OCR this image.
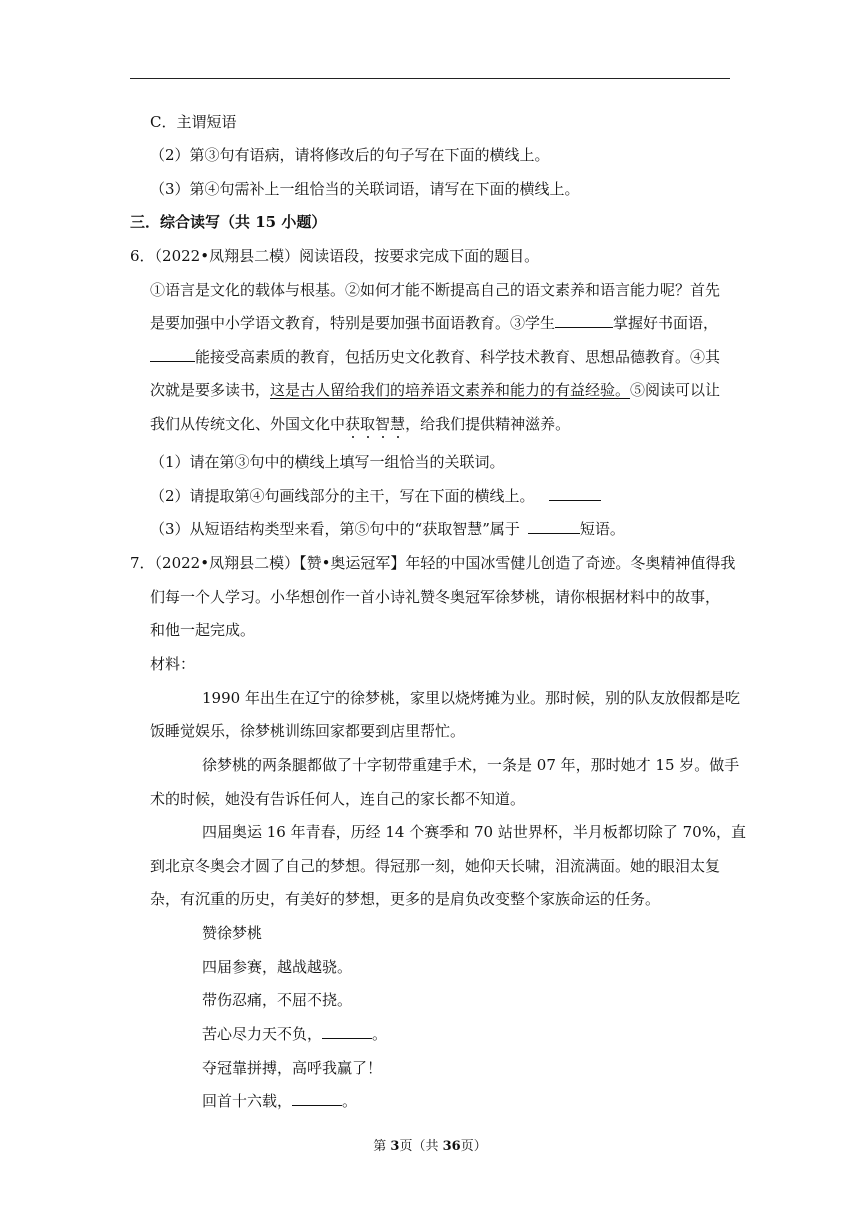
C．主谓短语
（2）第③句有语病，请将修改后的句子写在下面的横线上。
（3）第④句需补上一组恰当的关联词语，请写在下面的横线上。
三．综合读写（共 15 小题）
6．（2022•凤翔县二模）阅读语段，按要求完成下面的题目。
①语言是文化的载体与根基。②如何才能不断提高自己的语文素养和语言能力呢？首先
是要加强中小学语文教育，特别是要加强书面语教育。③学生	掌握好书面语，
能接受高素质的教育，包括历史文化教育、科学技术教育、思想品德教育。④其
次就是要多读书，这是古人留给我们的培养语文素养和能力的有益经验。⑤阅读可以让
我们从传统文化、外国文化中获取智慧，给我们提供精神滋养。
（1）请在第③句中的横线上填写一组恰当的关联词。
（2）请提取第④句画线部分的主干，写在下面的横线上。
（3）从短语结构类型来看，第⑤句中的“获取智慧”属于	短语。
7．（2022•凤翔县二模）【赞•奥运冠军】年轻的中国冰雪健儿创造了奇迹。冬奥精神值得我
们每一个人学习。小华想创作一首小诗礼赞冬奥冠军徐梦桃，请你根据材料中的故事，
和他一起完成。
材料：
1990 年出生在辽宁的徐梦桃，家里以烧烤摊为业。那时候，别的队友放假都是吃
饭睡觉娱乐，徐梦桃训练回家都要到店里帮忙。
徐梦桃的两条腿都做了十字韧带重建手术，一条是 07 年，那时她才 15 岁。做手
术的时候，她没有告诉任何人，连自己的家长都不知道。
四届奥运 16 年青春，历经 14 个赛季和 70 站世界杯，半月板都切除了 70%，直
到北京冬奥会才圆了自己的梦想。得冠那一刻，她仰天长啸，泪流满面。她的眼泪太复
杂，有沉重的历史，有美好的梦想，更多的是肩负改变整个家族命运的任务。
赞徐梦桃
四届参赛，越战越骁。
带伤忍痛，不屈不挠。
苦心尽力天不负，	。
夺冠靠拼搏，高呼我赢了！
回首十六载，	。
第 3页（共 36页）
